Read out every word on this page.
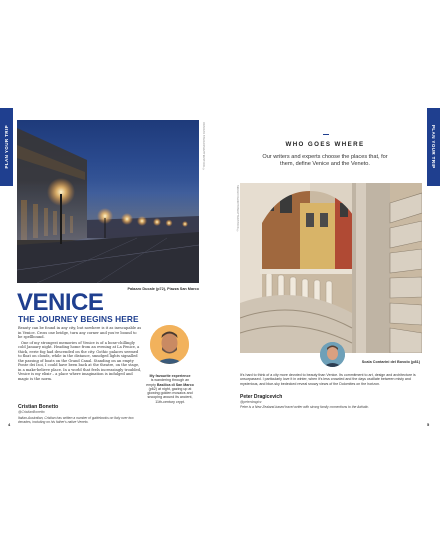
PLAN YOUR TRIP	ORSOLYA STACHO/SHUTTERSTOCK ©
Palazzo Ducale (p72), Piazza San Marco
VENICE
THE JOURNEY BEGINS HERE

Beauty can be found in any city, but nowhere is it as inescapable as in Venice. Cross one bridge, turn any corner and you're bound to be spellbound.

One of my strongest memories of Venice is of a bone-chillingly cold January night. Heading home from an evening at La Fenice, a thick, eerie fog had descended on the city. Gothic palaces seemed to float on clouds, while in the distance, smudged lights signalled the passing of boats on the Grand Canal. Standing on an empty Ponte dei Ìsoi, I could have been back at the theatre, on the stage, in a make-believe place. In a world that feels increasingly troubled, Venice is my elixir – a place where imagination is indulged and magic is the norm.

Cristian Bonetto
@CristianBonetto
Italian-Australian, Cristian has written a number of guidebooks on Italy over two decades, including on his father's native Veneto.
My favourite experience
is wandering through an empty Basilica di San Marco (p62) at night, gazing up at glowing golden mosaics and snooping around its ancient, 11th-century crypt.
4
PLAN YOUR TRIP
WHO GOES WHERE
Our writers and experts choose the places that, for them, define Venice and the Veneto.
SERGII FIGURNYI/SHUTTERSTOCK ©
Scala Contarini del Bovolo (p81)
It's hard to think of a city more devoted to beauty than Venice. Its commitment to art, design and architecture is unsurpassed. I particularly love it in winter, when it's less crowded and the days oscillate between misty and mysterious, and blue-sky bedecked reveal snowy views of the Dolomites on the horizon.
Peter Dragicevich
@peterdragicz
Peter is a New Zealand-based travel writer with strong family connections to the Adriatic.
5
